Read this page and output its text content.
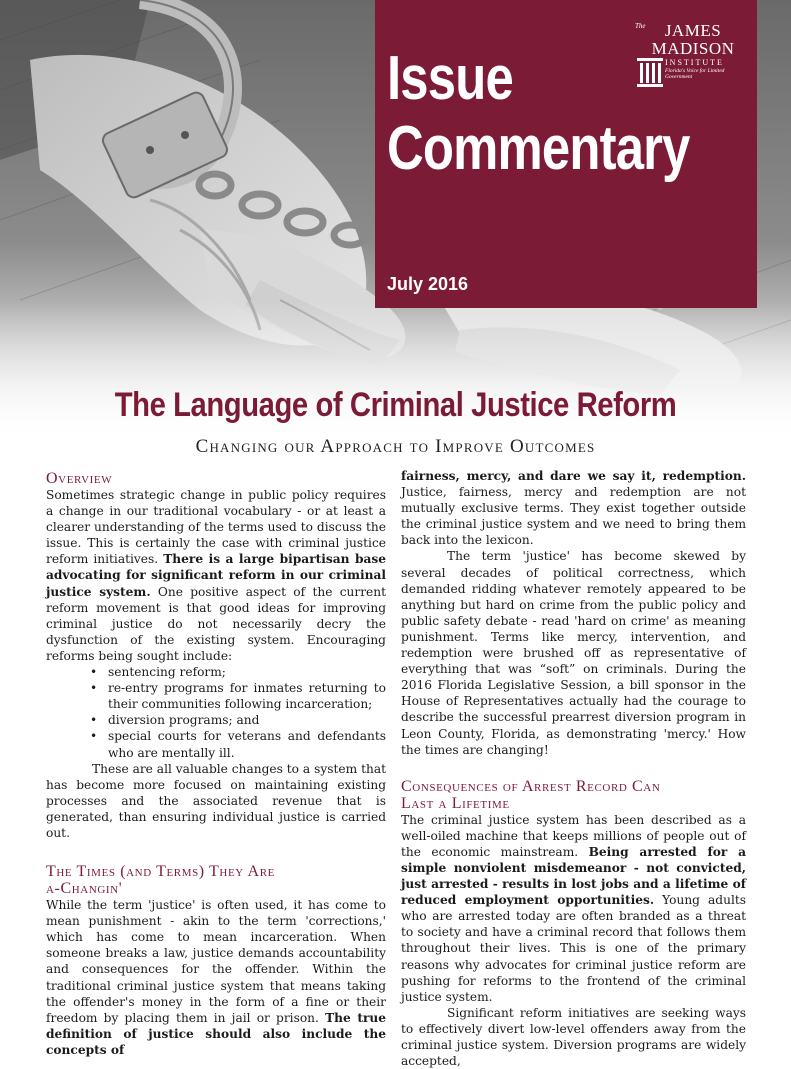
Issue
Commentary
July 2016
The	JAMES
MADISON
INSTITUTE
Florida's Voice for Limited Government
The Language of Criminal Justice Reform
Changing our Approach to Improve Outcomes
Overview

Sometimes strategic change in public policy requires a change in our traditional vocabulary - or at least a clearer understanding of the terms used to discuss the issue. This is certainly the case with criminal justice reform initiatives. There is a large bipartisan base advocating for significant reform in our criminal justice system. One positive aspect of the current reform movement is that good ideas for improving criminal justice do not necessarily decry the dysfunction of the existing system. Encouraging reforms being sought include:

• sentencing reform;
• re-entry programs for inmates returning to their communities following incarceration;
• diversion programs; and
• special courts for veterans and defendants who are mentally ill.

These are all valuable changes to a system that has become more focused on maintaining existing processes and the associated revenue that is generated, than ensuring individual justice is carried out.

The Times (and Terms) They Are
a-Changin'

While the term 'justice' is often used, it has come to mean punishment - akin to the term 'corrections,' which has come to mean incarceration. When someone breaks a law, justice demands accountability and consequences for the offender. Within the traditional criminal justice system that means taking the offender's money in the form of a fine or their freedom by placing them in jail or prison. The true definition of justice should also include the concepts of

fairness, mercy, and dare we say it, redemption. Justice, fairness, mercy and redemption are not mutually exclusive terms. They exist together outside the criminal justice system and we need to bring them back into the lexicon.

The term 'justice' has become skewed by several decades of political correctness, which demanded ridding whatever remotely appeared to be anything but hard on crime from the public policy and public safety debate - read 'hard on crime' as meaning punishment. Terms like mercy, intervention, and redemption were brushed off as representative of everything that was “soft” on criminals. During the 2016 Florida Legislative Session, a bill sponsor in the House of Representatives actually had the courage to describe the successful prearrest diversion program in Leon County, Florida, as demonstrating 'mercy.' How the times are changing!

Consequences of Arrest Record Can
Last a Lifetime

The criminal justice system has been described as a well-oiled machine that keeps millions of people out of the economic mainstream. Being arrested for a simple nonviolent misdemeanor - not convicted, just arrested - results in lost jobs and a lifetime of reduced employment opportunities. Young adults who are arrested today are often branded as a threat to society and have a criminal record that follows them throughout their lives. This is one of the primary reasons why advocates for criminal justice reform are pushing for reforms to the frontend of the criminal justice system.

Significant reform initiatives are seeking ways to effectively divert low-level offenders away from the criminal justice system. Diversion programs are widely accepted,
